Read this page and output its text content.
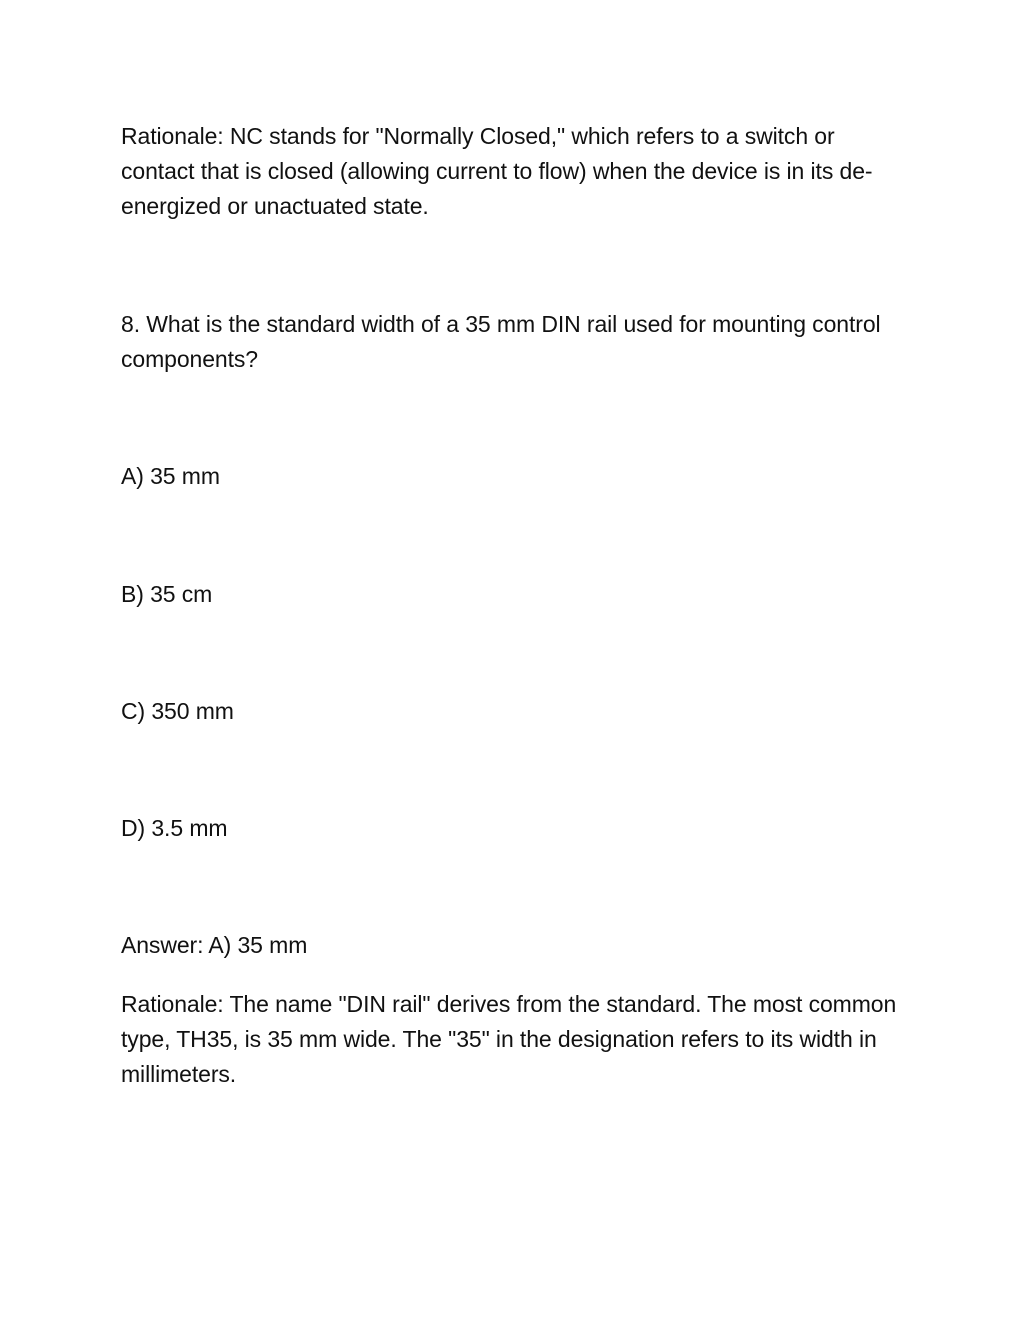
Rationale: NC stands for "Normally Closed," which refers to a switch or contact that is closed (allowing current to flow) when the device is in its de-energized or unactuated state.
8. What is the standard width of a 35 mm DIN rail used for mounting control components?
A) 35 mm
B) 35 cm
C) 350 mm
D) 3.5 mm
Answer: A) 35 mm
Rationale: The name "DIN rail" derives from the standard. The most common type, TH35, is 35 mm wide. The "35" in the designation refers to its width in millimeters.
